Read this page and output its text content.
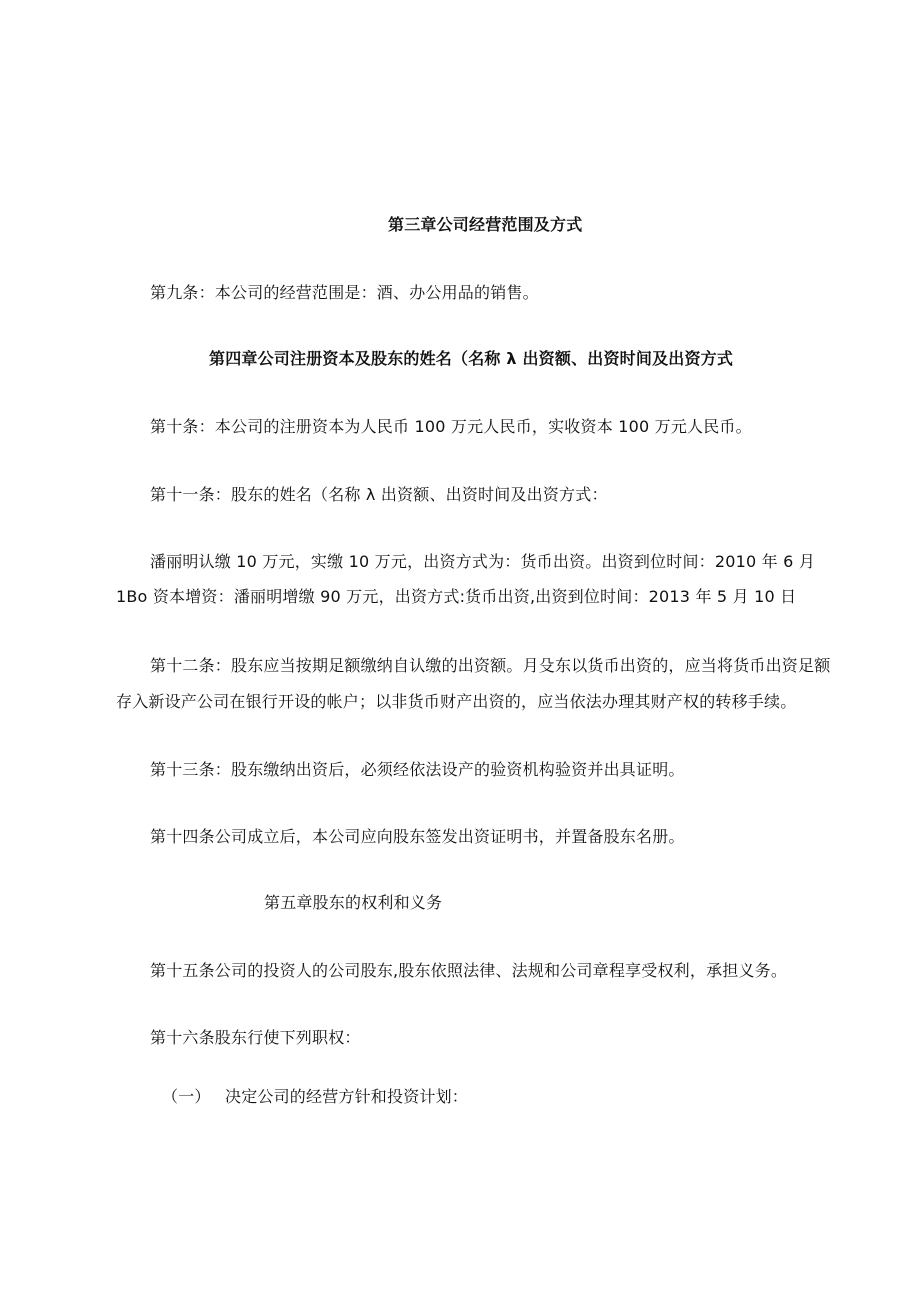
第三章公司经营范围及方式
第九条：本公司的经营范围是：酒、办公用品的销售。
第四章公司注册资本及股东的姓名（名称 λ 出资额、出资时间及出资方式
第十条：本公司的注册资本为人民币 100 万元人民币，实收资本 100 万元人民币。
第十一条：股东的姓名（名称 λ 出资额、出资时间及出资方式：
潘丽明认缴 10 万元，实缴 10 万元，出资方式为：货币出资。出资到位时间：2010 年 6 月
1Bo 资本增资：潘丽明增缴 90 万元，出资方式:货币出资,出资到位时间：2013 年 5 月 10 日
第十二条：股东应当按期足额缴纳自认缴的出资额。月殳东以货币出资的，应当将货币出资足额
存入新设产公司在银行开设的帐户；以非货币财产出资的，应当依法办理其财产权的转移手续。
第十三条：股东缴纳出资后，必须经依法设产的验资机构验资并出具证明。
第十四条公司成立后，本公司应向股东签发出资证明书，并置备股东名册。
第五章股东的权利和义务
第十五条公司的投资人的公司股东,股东依照法律、法规和公司章程享受权利，承担义务。
第十六条股东行使下列职权：
（一） 决定公司的经营方针和投资计划：
